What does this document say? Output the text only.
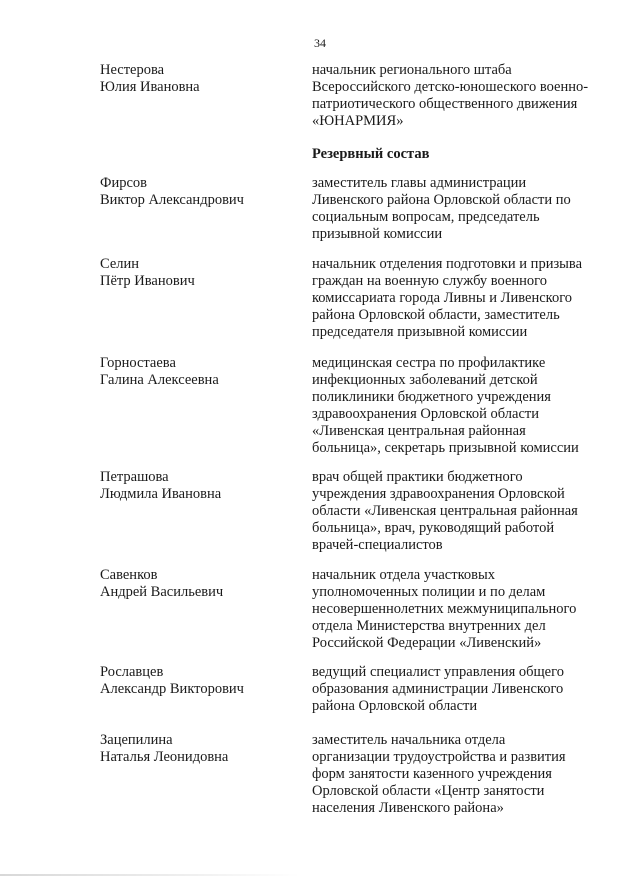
34
Нестерова
Юлия Ивановна
начальник регионального штаба
Всероссийского детско-юношеского военно-
патриотического общественного движения
«ЮНАРМИЯ»
Резервный состав
Фирсов
Виктор Александрович
заместитель главы администрации
Ливенского района Орловской области по
социальным вопросам, председатель
призывной комиссии
Селин
Пётр Иванович
начальник отделения подготовки и призыва
граждан на военную службу военного
комиссариата города Ливны и Ливенского
района Орловской области, заместитель
председателя призывной комиссии
Горностаева
Галина Алексеевна
медицинская сестра по профилактике
инфекционных заболеваний детской
поликлиники бюджетного учреждения
здравоохранения Орловской области
«Ливенская центральная районная
больница», секретарь призывной комиссии
Петрашова
Людмила Ивановна
врач общей практики бюджетного
учреждения здравоохранения Орловской
области «Ливенская центральная районная
больница», врач, руководящий работой
врачей-специалистов
Савенков
Андрей Васильевич
начальник отдела участковых
уполномоченных полиции и по делам
несовершеннолетних межмуниципального
отдела Министерства внутренних дел
Российской Федерации «Ливенский»
Рославцев
Александр Викторович
ведущий специалист управления общего
образования администрации Ливенского
района Орловской области
Зацепилина
Наталья Леонидовна
заместитель начальника отдела
организации трудоустройства и развития
форм занятости казенного учреждения
Орловской области «Центр занятости
населения Ливенского района»
